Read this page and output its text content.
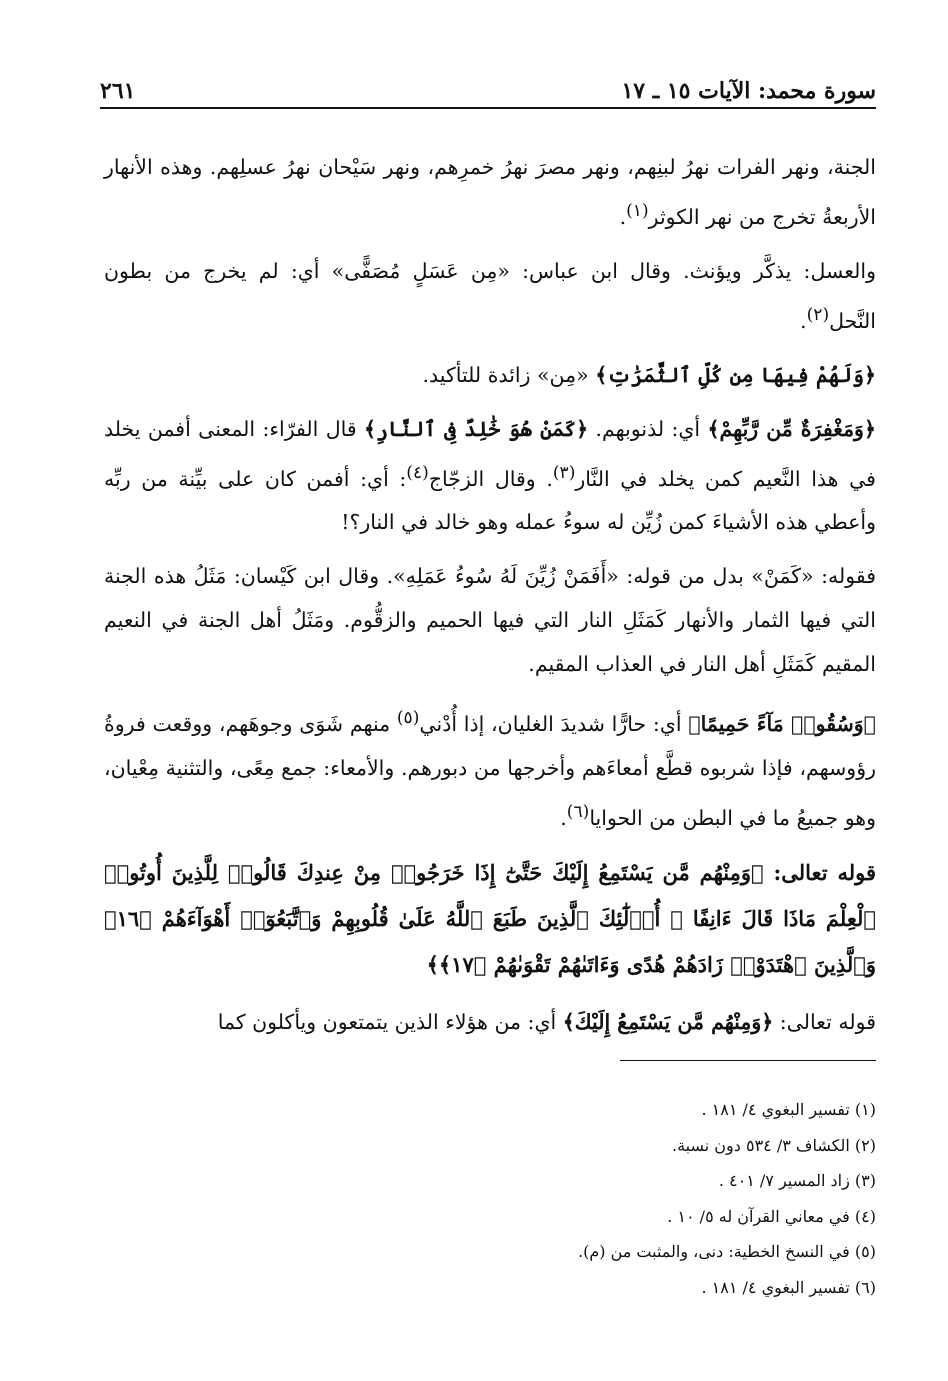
سورة محمد: الآيات ١٥ ـ ١٧
٢٦١

الجنة، ونهر الفرات نهرُ لبنِهم، ونهر مصرَ نهرُ خمرِهم، ونهر سَيْحان نهرُ عسلِهم. وهذه الأنهار الأربعةُ تخرج من نهر الكوثر$^{(١)}$.

والعسل: يذكَّر ويؤنث. وقال ابن عباس: «مِن عَسَلٍ مُصَفًّى» أي: لم يخرج من بطون النَّحل$^{(٢)}$.

﴿وَلَهُمْ فِيهَا مِن كُلِّ ٱلثَّمَرَٰتِ﴾ «مِن» زائدة للتأكيد.

﴿وَمَغْفِرَةٌ مِّن رَّبِّهِمْ﴾ أي: لذنوبهم. ﴿كَمَنْ هُوَ خَٰلِدٌ فِى ٱلنَّارِ﴾ قال الفرّاء: المعنى أفمن يخلد في هذا النَّعيم كمن يخلد في النَّار$^{(٣)}$. وقال الزجّاج$^{(٤)}$: أي: أفمن كان على بيِّنة من ربِّه وأعطي هذه الأشياءَ كمن زُيِّن له سوءُ عمله وهو خالد في النار؟!

فقوله: «كَمَنْ» بدل من قوله: «أَفَمَنْ زُيِّنَ لَهُ سُوءُ عَمَلِهِ». وقال ابن كَيْسان: مَثَلُ هذه الجنة التي فيها الثمار والأنهار كَمَثَلِ النار التي فيها الحميم والزقُّوم. ومَثَلُ أهل الجنة في النعيم المقيم كَمَثَلِ أهل النار في العذاب المقيم.

﴿وَسُقُوا۟ مَآءً حَمِيمًا﴾ أي: حارًّا شديدَ الغليان، إذا أُدْني$^{(٥)}$ منهم شَوَى وجوهَهم، ووقعت فروةُ رؤوسهم، فإذا شربوه قطَّع أمعاءَهم وأخرجها من دبورهم. والأمعاء: جمع مِعًى، والتثنية مِعْيان، وهو جميعُ ما في البطن من الحوايا$^{(٦)}$.

قوله تعالى: ﴿وَمِنْهُم مَّن يَسْتَمِعُ إِلَيْكَ حَتَّىٰٓ إِذَا خَرَجُوا۟ مِنْ عِندِكَ قَالُوا۟ لِلَّذِينَ أُوتُوا۟ ٱلْعِلْمَ مَاذَا قَالَ ءَانِفًا ۚ أُو۟لَٰٓئِكَ ٱلَّذِينَ طَبَعَ ٱللَّهُ عَلَىٰ قُلُوبِهِمْ وَٱتَّبَعُوٓا۟ أَهْوَآءَهُمْ ﴿١٦﴾ وَٱلَّذِينَ ٱهْتَدَوْا۟ زَادَهُمْ هُدًى وَءَاتَىٰهُمْ تَقْوَىٰهُمْ ﴿١٧﴾﴾

قوله تعالى: ﴿وَمِنْهُم مَّن يَسْتَمِعُ إِلَيْكَ﴾ أي: من هؤلاء الذين يتمتعون ويأكلون كما

(١) تفسير البغوي ٤/ ١٨١ .
(٢) الكشاف ٣/ ٥٣٤ دون نسبة.
(٣) زاد المسير ٧/ ٤٠١ .
(٤) في معاني القرآن له ٥/ ١٠ .
(٥) في النسخ الخطية: دنى، والمثبت من (م).
(٦) تفسير البغوي ٤/ ١٨١ .
